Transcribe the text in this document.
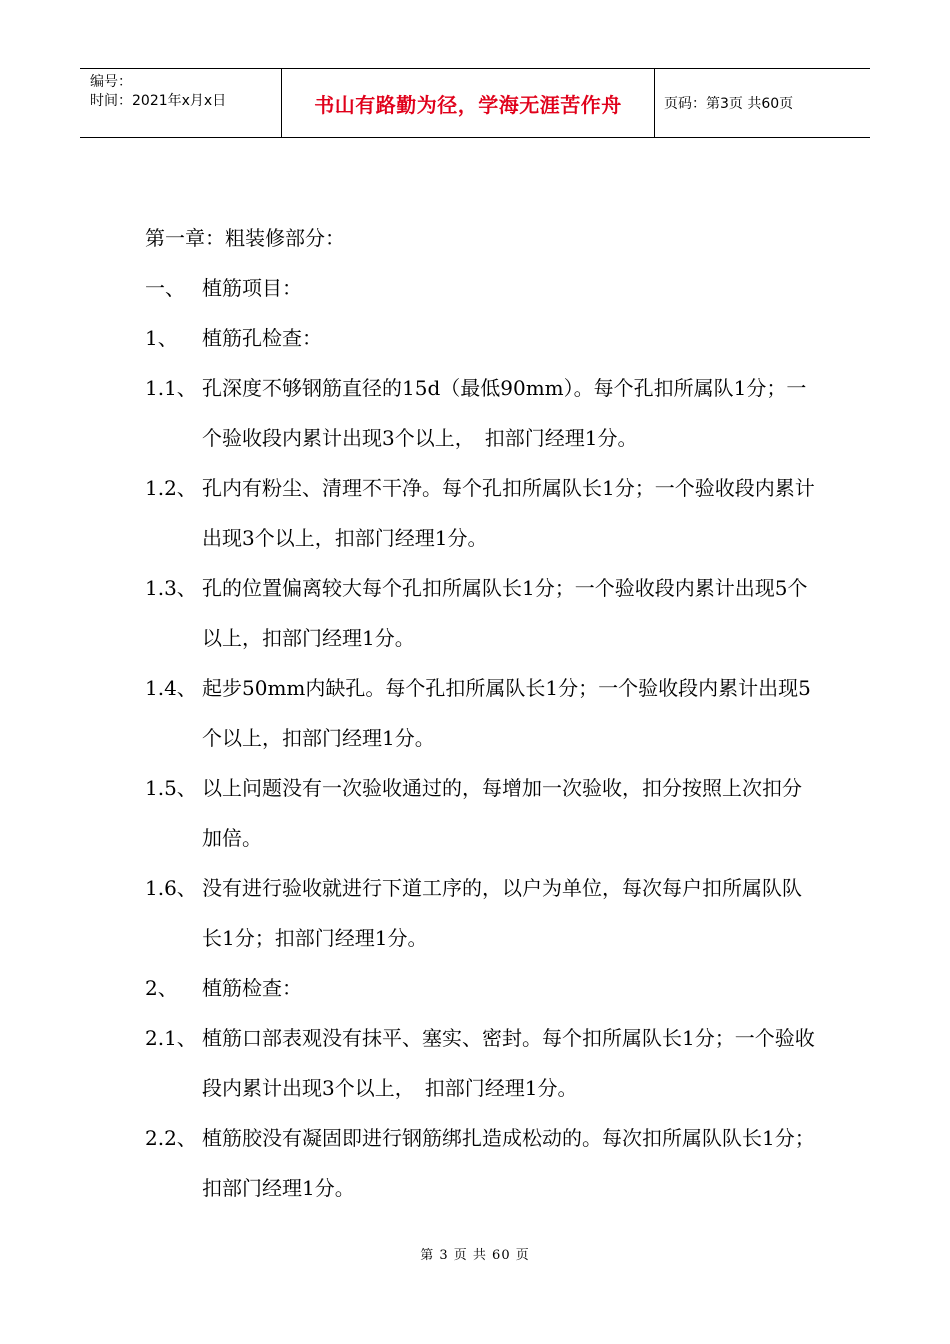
编号：
时间：2021年x月x日	书山有路勤为径，学海无涯苦作舟	页码：第3页 共60页
第一章：粗装修部分：
一、 植筋项目：
1、	植筋孔检查：
1.1、 孔深度不够钢筋直径的15d（最低90mm）。每个孔扣所属队1分；一个验收段内累计出现3个以上，　扣部门经理1分。
1.2、 孔内有粉尘、清理不干净。每个孔扣所属队长1分；一个验收段内累计出现3个以上，扣部门经理1分。
1.3、 孔的位置偏离较大每个孔扣所属队长1分；一个验收段内累计出现5个以上，扣部门经理1分。
1.4、 起步50mm内缺孔。每个孔扣所属队长1分；一个验收段内累计出现5个以上，扣部门经理1分。
1.5、 以上问题没有一次验收通过的，每增加一次验收，扣分按照上次扣分加倍。
1.6、 没有进行验收就进行下道工序的，以户为单位，每次每户扣所属队队长1分；扣部门经理1分。
2、	植筋检查：
2.1、 植筋口部表观没有抹平、塞实、密封。每个扣所属队长1分；一个验收段内累计出现3个以上，　扣部门经理1分。
2.2、 植筋胶没有凝固即进行钢筋绑扎造成松动的。每次扣所属队队长1分；扣部门经理1分。
第 3 页 共 60 页
